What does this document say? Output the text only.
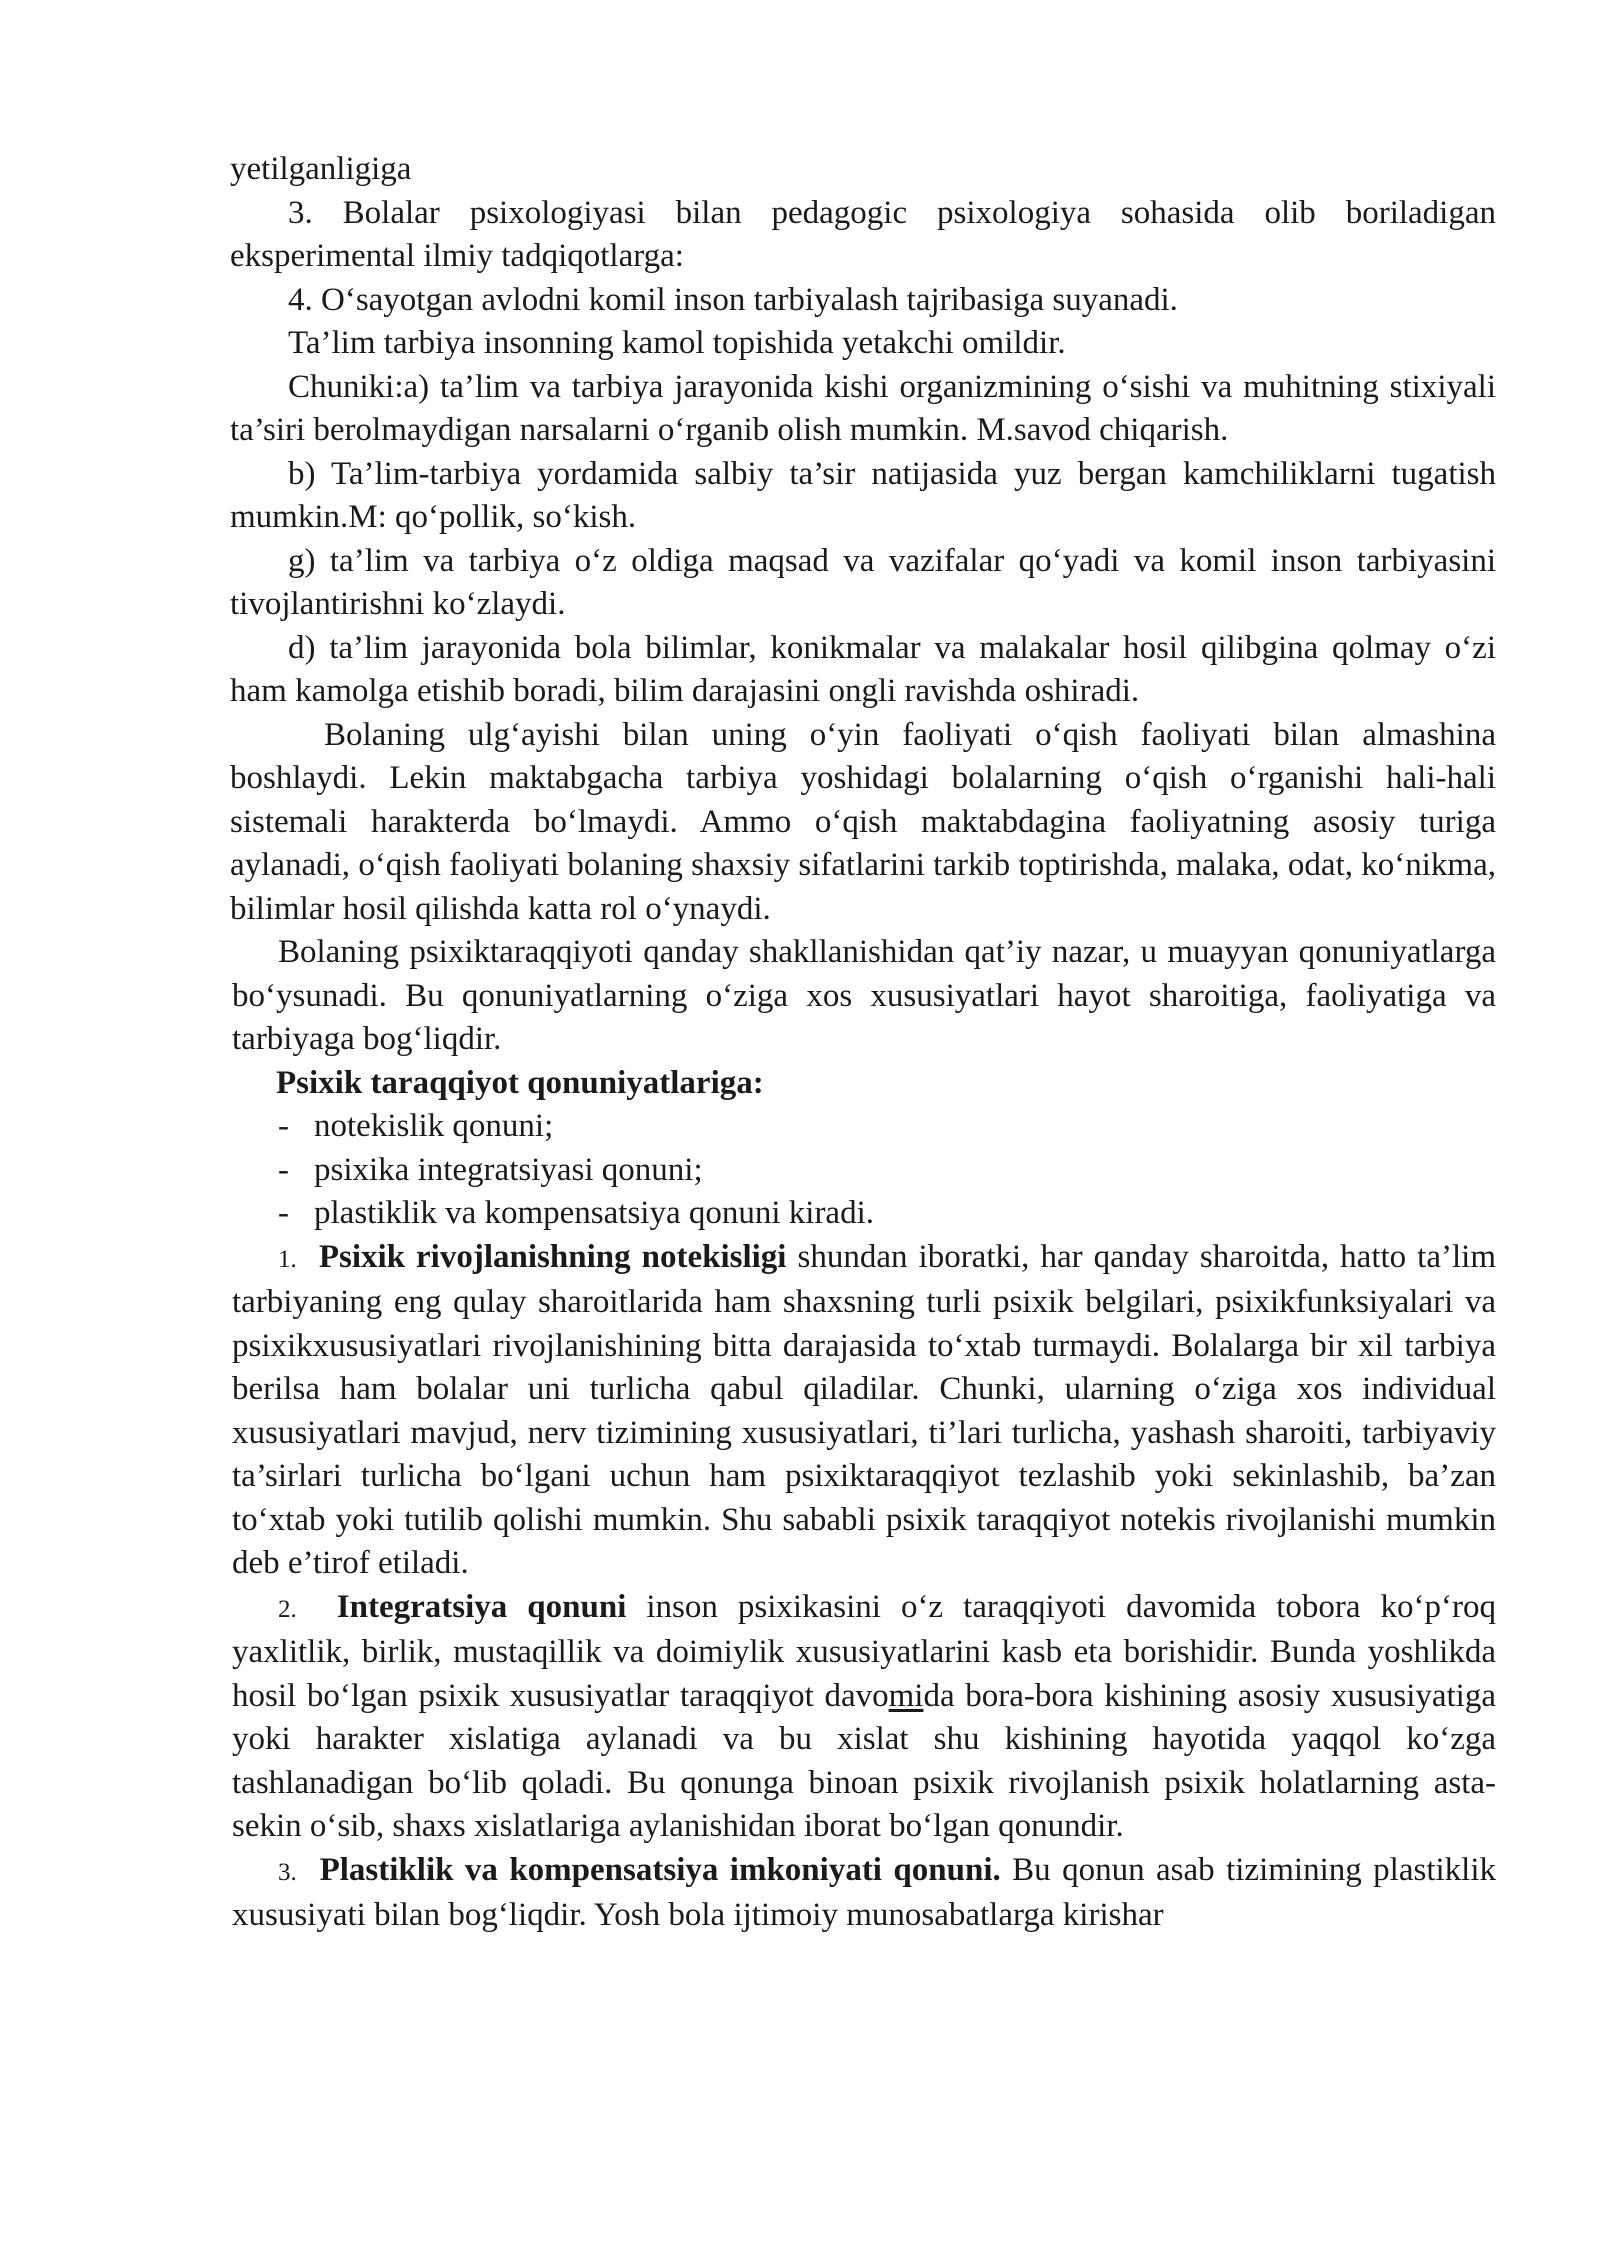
yetilganligiga

3. Bolalar psixologiyasi bilan pedagogic psixologiya sohasida olib boriladigan eksperimental ilmiy tadqiqotlarga:

4. O‘sayotgan avlodni komil inson tarbiyalash tajribasiga suyanadi.

Ta’lim tarbiya insonning kamol topishida yetakchi omildir.

Chuniki:a) ta’lim va tarbiya jarayonida kishi organizmining o‘sishi va muhitning stixiyali ta’siri berolmaydigan narsalarni o‘rganib olish mumkin. M.savod chiqarish.

b) Ta’lim-tarbiya yordamida salbiy ta’sir natijasida yuz bergan kamchiliklarni tugatish mumkin.M: qo‘pollik, so‘kish.

g) ta’lim va tarbiya o‘z oldiga maqsad va vazifalar qo‘yadi va komil inson tarbiyasini tivojlantirishni ko‘zlaydi.

d) ta’lim jarayonida bola bilimlar, konikmalar va malakalar hosil qilibgina qolmay o‘zi ham kamolga etishib boradi, bilim darajasini ongli ravishda oshiradi.

Bolaning ulg‘ayishi bilan uning o‘yin faoliyati o‘qish faoliyati bilan almashina boshlaydi. Lekin maktabgacha tarbiya yoshidagi bolalarning o‘qish o‘rganishi hali-hali sistemali harakterda bo‘lmaydi. Ammo o‘qish maktabdagina faoliyatning asosiy turiga aylanadi, o‘qish faoliyati bolaning shaxsiy sifatlarini tarkib toptirishda, malaka, odat, ko‘nikma, bilimlar hosil qilishda katta rol o‘ynaydi.

Bolaning psixiktaraqqiyoti qanday shakllanishidan qat’iy nazar, u muayyan qonuniyatlarga bo‘ysunadi. Bu qonuniyatlarning o‘ziga xos xususiyatlari hayot sharoitiga, faoliyatiga va tarbiyaga bog‘liqdir.

Psixik taraqqiyot qonuniyatlariga:

- notekislik qonuni;
- psixika integratsiyasi qonuni;
- plastiklik va kompensatsiya qonuni kiradi.

1. Psixik rivojlanishning notekisligi shundan iboratki, har qanday sharoitda, hatto ta’lim tarbiyaning eng qulay sharoitlarida ham shaxsning turli psixik belgilari, psixikfunksiyalari va psixikxususiyatlari rivojlanishining bitta darajasida to‘xtab turmaydi. Bolalarga bir xil tarbiya berilsa ham bolalar uni turlicha qabul qiladilar. Chunki, ularning o‘ziga xos individual xususiyatlari mavjud, nerv tizimining xususiyatlari, ti’lari turlicha, yashash sharoiti, tarbiyaviy ta’sirlari turlicha bo‘lgani uchun ham psixiktaraqqiyot tezlashib yoki sekinlashib, ba’zan to‘xtab yoki tutilib qolishi mumkin. Shu sababli psixik taraqqiyot notekis rivojlanishi mumkin deb e’tirof etiladi.

2. Integratsiya qonuni inson psixikasini o‘z taraqqiyoti davomida tobora ko‘p‘roq yaxlitlik, birlik, mustaqillik va doimiylik xususiyatlarini kasb eta borishidir. Bunda yoshlikda hosil bo‘lgan psixik xususiyatlar taraqqiyot davomida bora-bora kishining asosiy xususiyatiga yoki harakter xislatiga aylanadi va bu xislat shu kishining hayotida yaqqol ko‘zga tashlanadigan bo‘lib qoladi. Bu qonunga binoan psixik rivojlanish psixik holatlarning asta-sekin o‘sib, shaxs xislatlariga aylanishidan iborat bo‘lgan qonundir.

3. Plastiklik va kompensatsiya imkoniyati qonuni. Bu qonun asab tizimining plastiklik xususiyati bilan bog‘liqdir. Yosh bola ijtimoiy munosabatlarga kirishar
